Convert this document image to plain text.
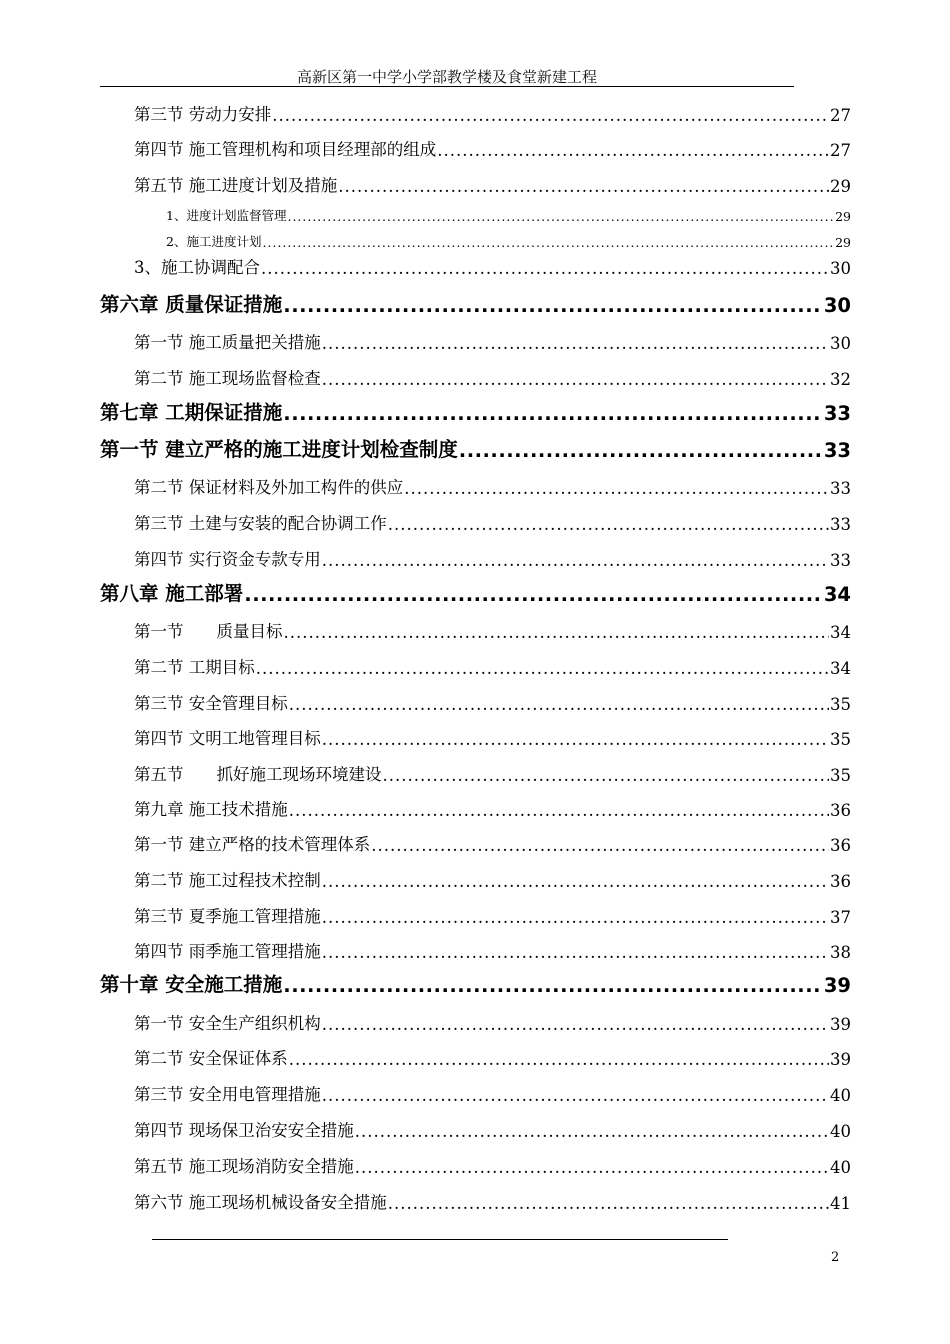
高新区第一中学小学部教学楼及食堂新建工程
第三节 劳动力安排 .....	27
第四节 施工管理机构和项目经理部的组成 .....	27
第五节 施工进度计划及措施 .....	29
1、进度计划监督管理 .....	29
2、施工进度计划 .....	29
3、施工协调配合 .....	30
第六章 质量保证措施 .....	30
第一节 施工质量把关措施 .....	30
第二节 施工现场监督检查 .....	32
第七章 工期保证措施 .....	33
第一节 建立严格的施工进度计划检查制度 .....	33
第二节 保证材料及外加工构件的供应 .....	33
第三节 土建与安装的配合协调工作 .....	33
第四节 实行资金专款专用 .....	33
第八章 施工部署 .....	34
第一节　　质量目标 .....	34
第二节 工期目标 .....	34
第三节 安全管理目标 .....	35
第四节 文明工地管理目标 .....	35
第五节　　抓好施工现场环境建设 .....	35
第九章 施工技术措施 .....	36
第一节 建立严格的技术管理体系 .....	36
第二节 施工过程技术控制 .....	36
第三节 夏季施工管理措施 .....	37
第四节 雨季施工管理措施 .....	38
第十章 安全施工措施 .....	39
第一节 安全生产组织机构 .....	39
第二节 安全保证体系 .....	39
第三节 安全用电管理措施 .....	40
第四节 现场保卫治安安全措施 .....	40
第五节 施工现场消防安全措施 .....	40
第六节 施工现场机械设备安全措施 .....	41
2
